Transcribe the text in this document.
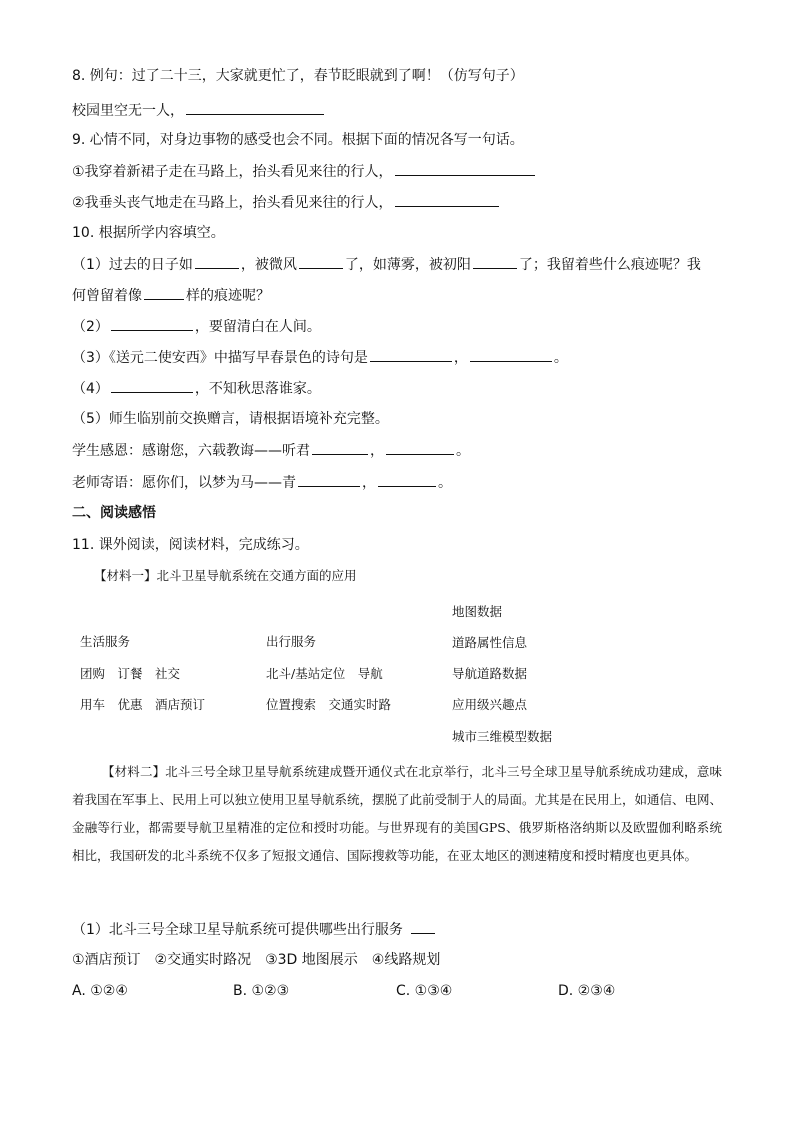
8. 例句：过了二十三，大家就更忙了，春节眨眼就到了啊！（仿写句子）
校园里空无一人，
9. 心情不同，对身边事物的感受也会不同。根据下面的情况各写一句话。
①我穿着新裙子走在马路上，抬头看见来往的行人，
②我垂头丧气地走在马路上，抬头看见来往的行人，
10. 根据所学内容填空。
（1）过去的日子如	，被微风	了，如薄雾，被初阳	了；我留着些什么痕迹呢？我
何曾留着像	样的痕迹呢？
（2）	，要留清白在人间。
（3）《送元二使安西》中描写早春景色的诗句是	，	。
（4）	，不知秋思落谁家。
（5）师生临别前交换赠言，请根据语境补充完整。
学生感恩：感谢您，六载教诲——听君	，	。
老师寄语：愿你们，以梦为马——青	，	。
二、阅读感悟
11. 课外阅读，阅读材料，完成练习。
【材料一】北斗卫星导航系统在交通方面的应用
生活服务
团购　订餐　社交
用车　优惠　酒店预订
出行服务
北斗/基站定位　导航
位置搜索　交通实时路
地图数据
道路属性信息
导航道路数据
应用级兴趣点
城市三维模型数据
【材料二】北斗三号全球卫星导航系统建成暨开通仪式在北京举行，北斗三号全球卫星导航系统成功建成，意味着我国在军事上、民用上可以独立使用卫星导航系统，摆脱了此前受制于人的局面。尤其是在民用上，如通信、电网、金融等行业，都需要导航卫星精准的定位和授时功能。与世界现有的美国GPS、俄罗斯格洛纳斯以及欧盟伽利略系统相比，我国研发的北斗系统不仅多了短报文通信、国际搜救等功能，在亚太地区的测速精度和授时精度也更具体。
（1）北斗三号全球卫星导航系统可提供哪些出行服务
①酒店预订　②交通实时路况　③3D 地图展示　④线路规划
A. ①②④	B. ①②③	C. ①③④	D. ②③④
